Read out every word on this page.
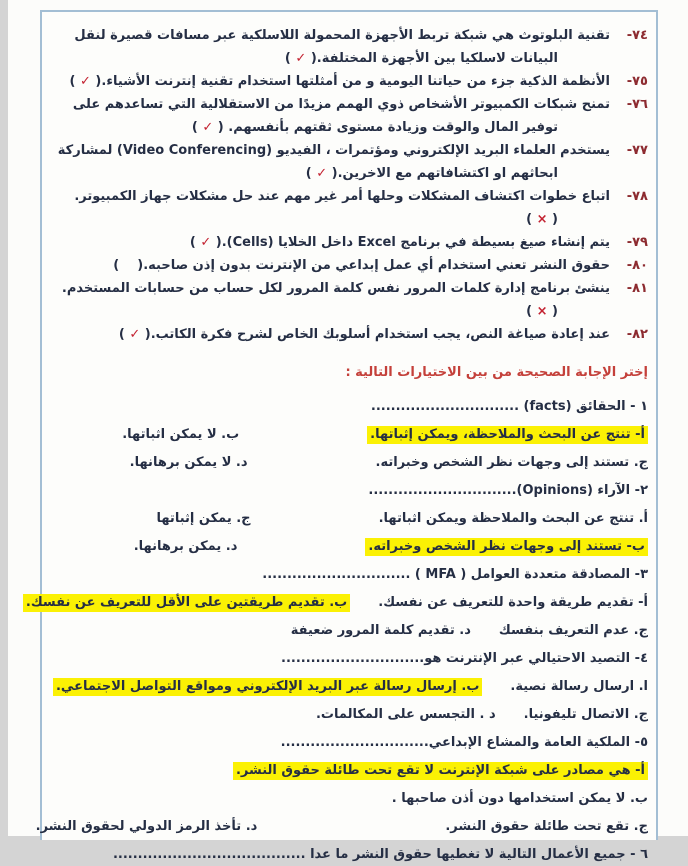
٧٤-
تقنية البلوتوث هي شبكة تربط الأجهزة المحمولة اللاسلكية عبر مسافات قصيرة لنقل البيانات لاسلكيا بين الأجهزة المختلفة.( ✓ )
٧٥-
الأنظمة الذكية جزء من حياتنا اليومية و من أمثلتها استخدام تقنية إنترنت الأشياء.( ✓ )
٧٦-
تمنح شبكات الكمبيوتر الأشخاص ذوي الهمم مزيدًا من الاستقلالية التي تساعدهم على توفير المال والوقت وزيادة مستوى ثقتهم بأنفسهم. ( ✓ )
٧٧-
يستخدم العلماء البريد الإلكتروني ومؤتمرات ، الفيديو (Video Conferencing) لمشاركة ابحاثهم او اكتشافاتهم مع الاخرين.( ✓ )
٧٨-
اتباع خطوات اكتشاف المشكلات وحلها أمر غير مهم عند حل مشكلات جهاز الكمبيوتر.( × )
٧٩-
يتم إنشاء صيغ بسيطة في برنامج Excel داخل الخلايا (Cells).( ✓ )
٨٠-
حقوق النشر تعني استخدام أي عمل إبداعي من الإنترنت بدون إذن صاحبه.(    )
٨١-
ينشئ برنامج إدارة كلمات المرور نفس كلمة المرور لكل حساب من حسابات المستخدم.( × )
٨٢-
عند إعادة صياغة النص، يجب استخدام أسلوبك الخاص لشرح فكرة الكاتب.( ✓ )
إختر الإجابة الصحيحة من بين الاختيارات التالية :
١ - الحقائق (facts) ..............................
أ- تنتج عن البحث والملاحظة، ويمكن إثباتها.
ب. لا يمكن اثباتها.
ج. تستند إلى وجهات نظر الشخص وخبراته.
د. لا يمكن برهانها.
٢- الآراء (Opinions)..............................
أ. تنتج عن البحث والملاحظة ويمكن اثباتها.
ج. يمكن إثباتها
ب- تستند إلى وجهات نظر الشخص وخبراته.
د. يمكن برهانها.
٣- المصادقة متعددة العوامل ( MFA ) ..............................
أ- تقديم طريقة واحدة للتعريف عن نفسك.
ب. تقديم طريقتين على الأقل للتعريف عن نفسك.
ج. عدم التعريف بنفسك
د. تقديم كلمة المرور ضعيفة
٤- التصيد الاحتيالي عبر الإنترنت هو.............................
ا. ارسال رسالة نصية.
ب. إرسال رسالة عبر البريد الإلكتروني ومواقع التواصل الاجتماعي.
ج. الاتصال تليفونيا.
د . التجسس على المكالمات.
٥- الملكية العامة والمشاع الإبداعي..............................
أ- هي مصادر على شبكة الإنترنت لا تقع تحت طائلة حقوق النشر.
ب. لا يمكن استخدامها دون أذن صاحبها .
ج. تقع تحت طائلة حقوق النشر.
د. تأخذ الرمز الدولي لحقوق النشر.
٦ - جميع الأعمال التالية لا تغطيها حقوق النشر ما عدا .......................................
